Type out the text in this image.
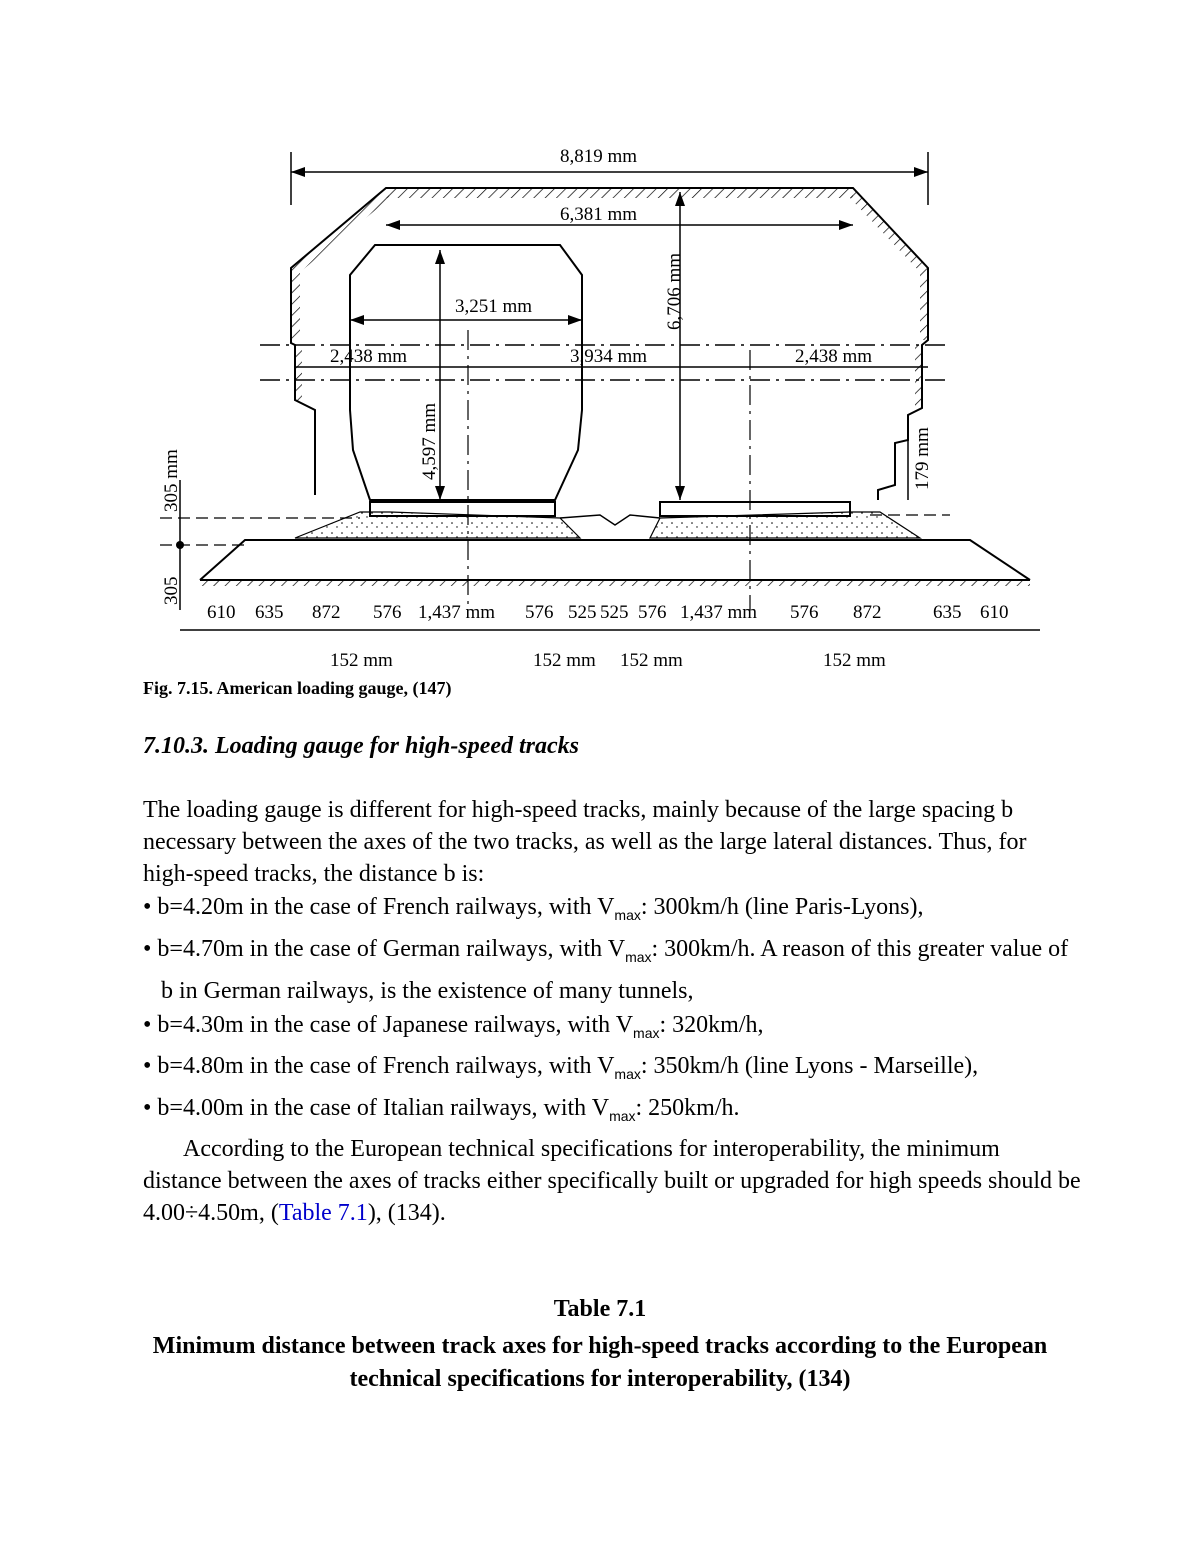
8,819 mm
6,381 mm
3,251 mm
2,438 mm	3,934 mm	2,438 mm
6,706 mm
4,597 mm	179 mm
305 mm
305
610 635 872 576 1,437 mm 576 525 525 576 1,437 mm 576 872	635 610
152 mm	152 mm 152 mm	152 mm
Fig. 7.15. American loading gauge, (147)
7.10.3. Loading gauge for high-speed tracks

The loading gauge is different for high-speed tracks, mainly because of the large spacing b necessary between the axes of the two tracks, as well as the large lateral distances. Thus, for high-speed tracks, the distance b is:

• b=4.20m in the case of French railways, with $V_{max}$: 300km/h (line Paris-Lyons),

• b=4.70m in the case of German railways, with $V_{max}$: 300km/h. A reason of this greater value of b in German railways, is the existence of many tunnels,

• b=4.30m in the case of Japanese railways, with $V_{max}$: 320km/h,

• b=4.80m in the case of French railways, with $V_{max}$: 350km/h (line Lyons - Marseille),

• b=4.00m in the case of Italian railways, with $V_{max}$: 250km/h.

According to the European technical specifications for interoperability, the minimum distance between the axes of tracks either specifically built or upgraded for high speeds should be 4.00÷4.50m, (Table 7.1), (134).

Table 7.1
Minimum distance between track axes for high-speed tracks according to the European technical specifications for interoperability, (134)
